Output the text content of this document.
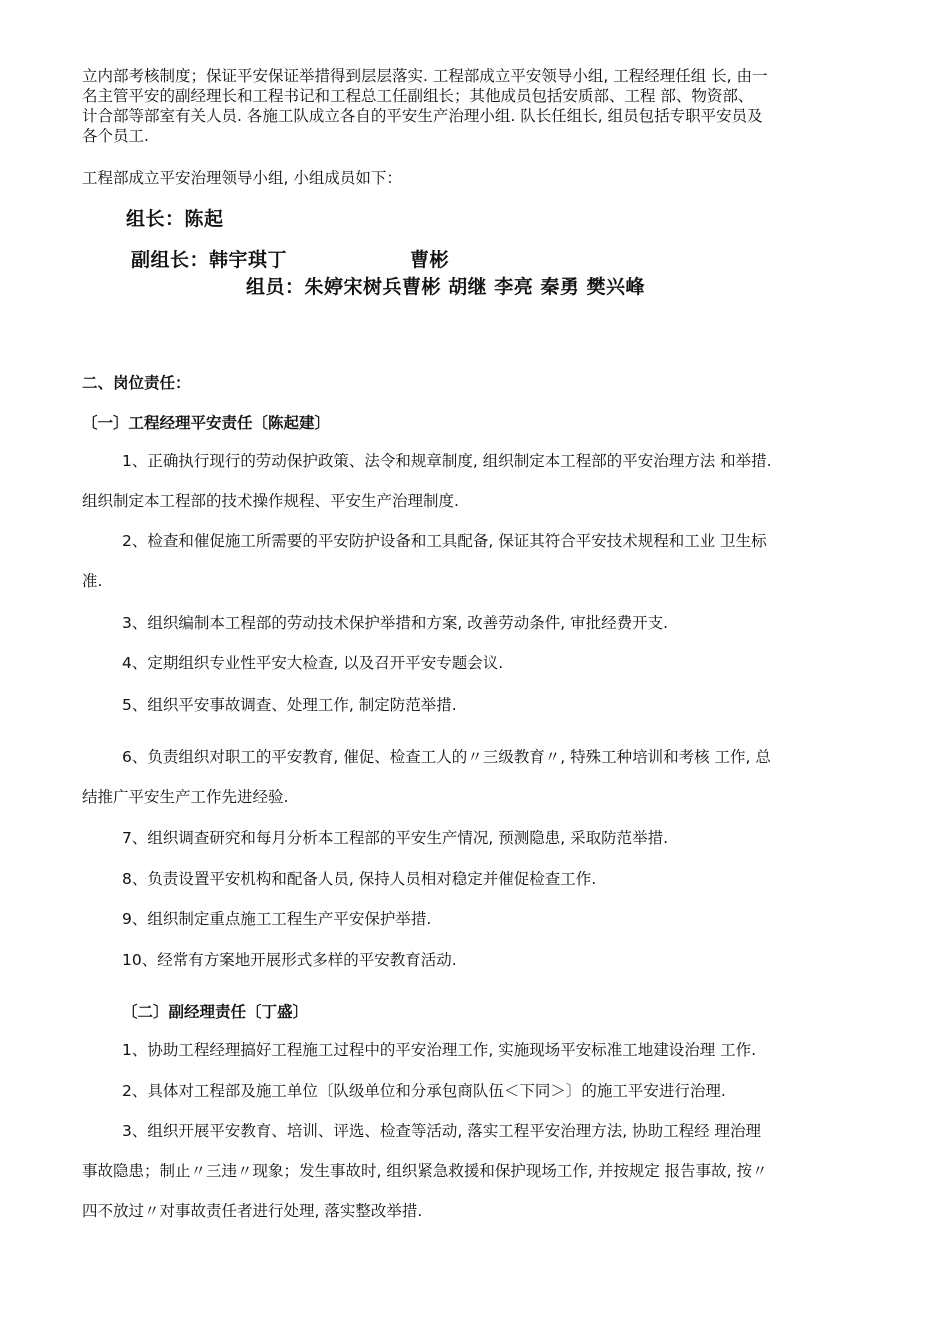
立内部考核制度；保证平安保证举措得到层层落实. 工程部成立平安领导小组, 工程经理任组 长, 由一
名主管平安的副经理长和工程书记和工程总工任副组长；其他成员包括安质部、工程 部、物资部、
计合部等部室有关人员. 各施工队成立各自的平安生产治理小组. 队长任组长, 组员包括专职平安员及
各个员工.
工程部成立平安治理领导小组, 小组成员如下：
组长：陈起
副组长：韩宇琪丁	曹彬
组员：朱婷宋树兵曹彬 胡继 李亮 秦勇 樊兴峰
二、岗位责任：
〔一〕工程经理平安责任〔陈起建〕
1、正确执行现行的劳动保护政策、法令和规章制度, 组织制定本工程部的平安治理方法 和举措.
组织制定本工程部的技术操作规程、平安生产治理制度.
2、检查和催促施工所需要的平安防护设备和工具配备, 保证其符合平安技术规程和工业 卫生标
准.
3、组织编制本工程部的劳动技术保护举措和方案, 改善劳动条件, 审批经费开支.
4、定期组织专业性平安大检查, 以及召开平安专题会议.
5、组织平安事故调查、处理工作, 制定防范举措.
6、负责组织对职工的平安教育, 催促、检查工人的〃三级教育〃, 特殊工种培训和考核 工作, 总
结推广平安生产工作先进经验.
7、组织调查研究和每月分析本工程部的平安生产情况, 预测隐患, 采取防范举措.
8、负责设置平安机构和配备人员, 保持人员相对稳定并催促检查工作.
9、组织制定重点施工工程生产平安保护举措.
10、经常有方案地开展形式多样的平安教育活动.
〔二〕副经理责任〔丁盛〕
1、协助工程经理搞好工程施工过程中的平安治理工作, 实施现场平安标准工地建设治理 工作.
2、具体对工程部及施工单位〔队级单位和分承包商队伍＜下同＞〕的施工平安进行治理.
3、组织开展平安教育、培训、评选、检查等活动, 落实工程平安治理方法, 协助工程经 理治理
事故隐患；制止〃三违〃现象；发生事故时, 组织紧急救援和保护现场工作, 并按规定 报告事故, 按〃
四不放过〃对事故责任者进行处理, 落实整改举措.
